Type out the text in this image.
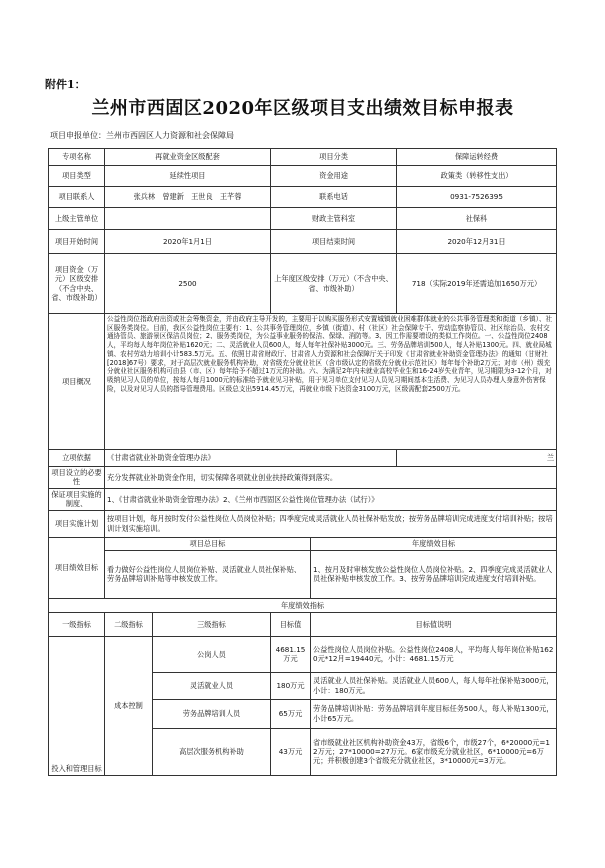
附件1：
兰州市西固区2020年区级项目支出绩效目标申报表
项目申报单位：兰州市西固区人力资源和社会保障局
专项名称	再就业资金区级配套		项目分类		保障运转经费
项目类型	延续性项目		资金用途		政策类（转移性支出）
项目联系人	张兵林　曾建新　王世良　王芊蓉		联系电话		0931-7526395
上级主管单位			财政主管科室		社保科
项目开始时间	2020年1月1日		项目结束时间		2020年12月31日
项目资金（万元）区级安排（不含中央、省、市级补助）	2500		上年度区级安排（万元）（不含中央、省、市级补助）		718（实际2019年还需追加1650万元）
项目概况	公益性岗位指政府出资或社会筹集资金，并由政府主导开发的，主要用于以购买服务形式安置城镇就业困难群体就业的公共事务管理类和街道（乡镇）、社区服务类岗位。目前，我区公益性岗位主要有：1、公共事务管理岗位，乡镇（街道）、村（社区）社会保障专干、劳动监察协管员、社区综治员、农村交通协管员、旅游景区保洁员岗位；2、服务类岗位，为公益事业服务的保洁、保绿、消防等。3、因工作需要增设的类似工作岗位。一、公益性岗位2408人，平均每人每年岗位补贴1620元；二、灵活就业人员600人，每人每年社保补贴3000元。三、劳务品牌培训500人，每人补贴1300元。四、就业局城镇、农村劳动力培训小计583.5万元。五、依照甘肃省财政厅、甘肃省人力资源和社会保障厅关于印发《甘肃省就业补助资金管理办法》的通知（甘财社[2018]67号）要求，对于高层次就业服务机构补助，对省级充分就业社区（含市级认定的省级充分就业示范社区）每年每个补助2万元；对市（州）级充分就业社区服务机构可由县（市、区）每年给予不超过1万元的补助。六、为满足2年内未就业高校毕业生和16-24岁失业青年，见习期限为3-12个月，对吸纳见习人员的单位，按每人每月1000元的标准给予就业见习补贴，用于见习单位支付见习人员见习期间基本生活费、为见习人员办理人身意外伤害保险，以及对见习人员的指导管理费用。区级总支出5914.45万元，再就业市级下达资金3100万元，区级需配套2500万元。				
立项依据	《甘肃省就业补助资金管理办法》				兰
项目设立的必要性	充分发挥就业补助资金作用，切实保障各项就业创业扶持政策得到落实。				
保证项目实施的制度、	1、《甘肃省就业补助资金管理办法》2、《兰州市西固区公益性岗位管理办法（试行）》				
项目实施计划	按项目计划，每月按时发付公益性岗位人员岗位补贴；四季度完成灵活就业人员社保补贴发放；按劳务品牌培训完成进度支付培训补贴；按培训计划实施培训。				
项目绩效目标	项目总目标			年度绩效目标	
	看力做好公益性岗位人员岗位补贴、灵活就业人员社保补贴、劳务品牌培训补贴等申核发放工作。			1、按月及时审核发放公益性岗位人员岗位补贴。2、四季度完成灵活就业人员社保补贴申核发放工作。3、按劳务品牌培训完成进度支付培训补贴。	
年度绩效指标					
一级指标	二级指标	三级指标	目标值	目标值说明	
投入和管理目标	成本控制	公岗人员	4681.15万元	公益性岗位人员岗位补贴。公益性岗位2408人，平均每人每年岗位补贴1620元*12月=19440元，小计：4681.15万元	
		灵活就业人员	180万元	灵活就业人员社保补贴。灵活就业人员600人，每人每年社保补贴3000元，小计：180万元。	
		劳务品牌培训人员	65万元	劳务品牌培训补贴：劳务品牌培训年度目标任务500人，每人补贴1300元，小计65万元。	
		高层次服务机构补助	43万元	省市级就业社区机构补助资金43万，省级6个，市级27个，6*20000元=12万元；27*10000=27万元。6家市级充分就业社区，6*10000元=6万元；并积极创建3个省级充分就业社区，3*10000元=3万元。	
